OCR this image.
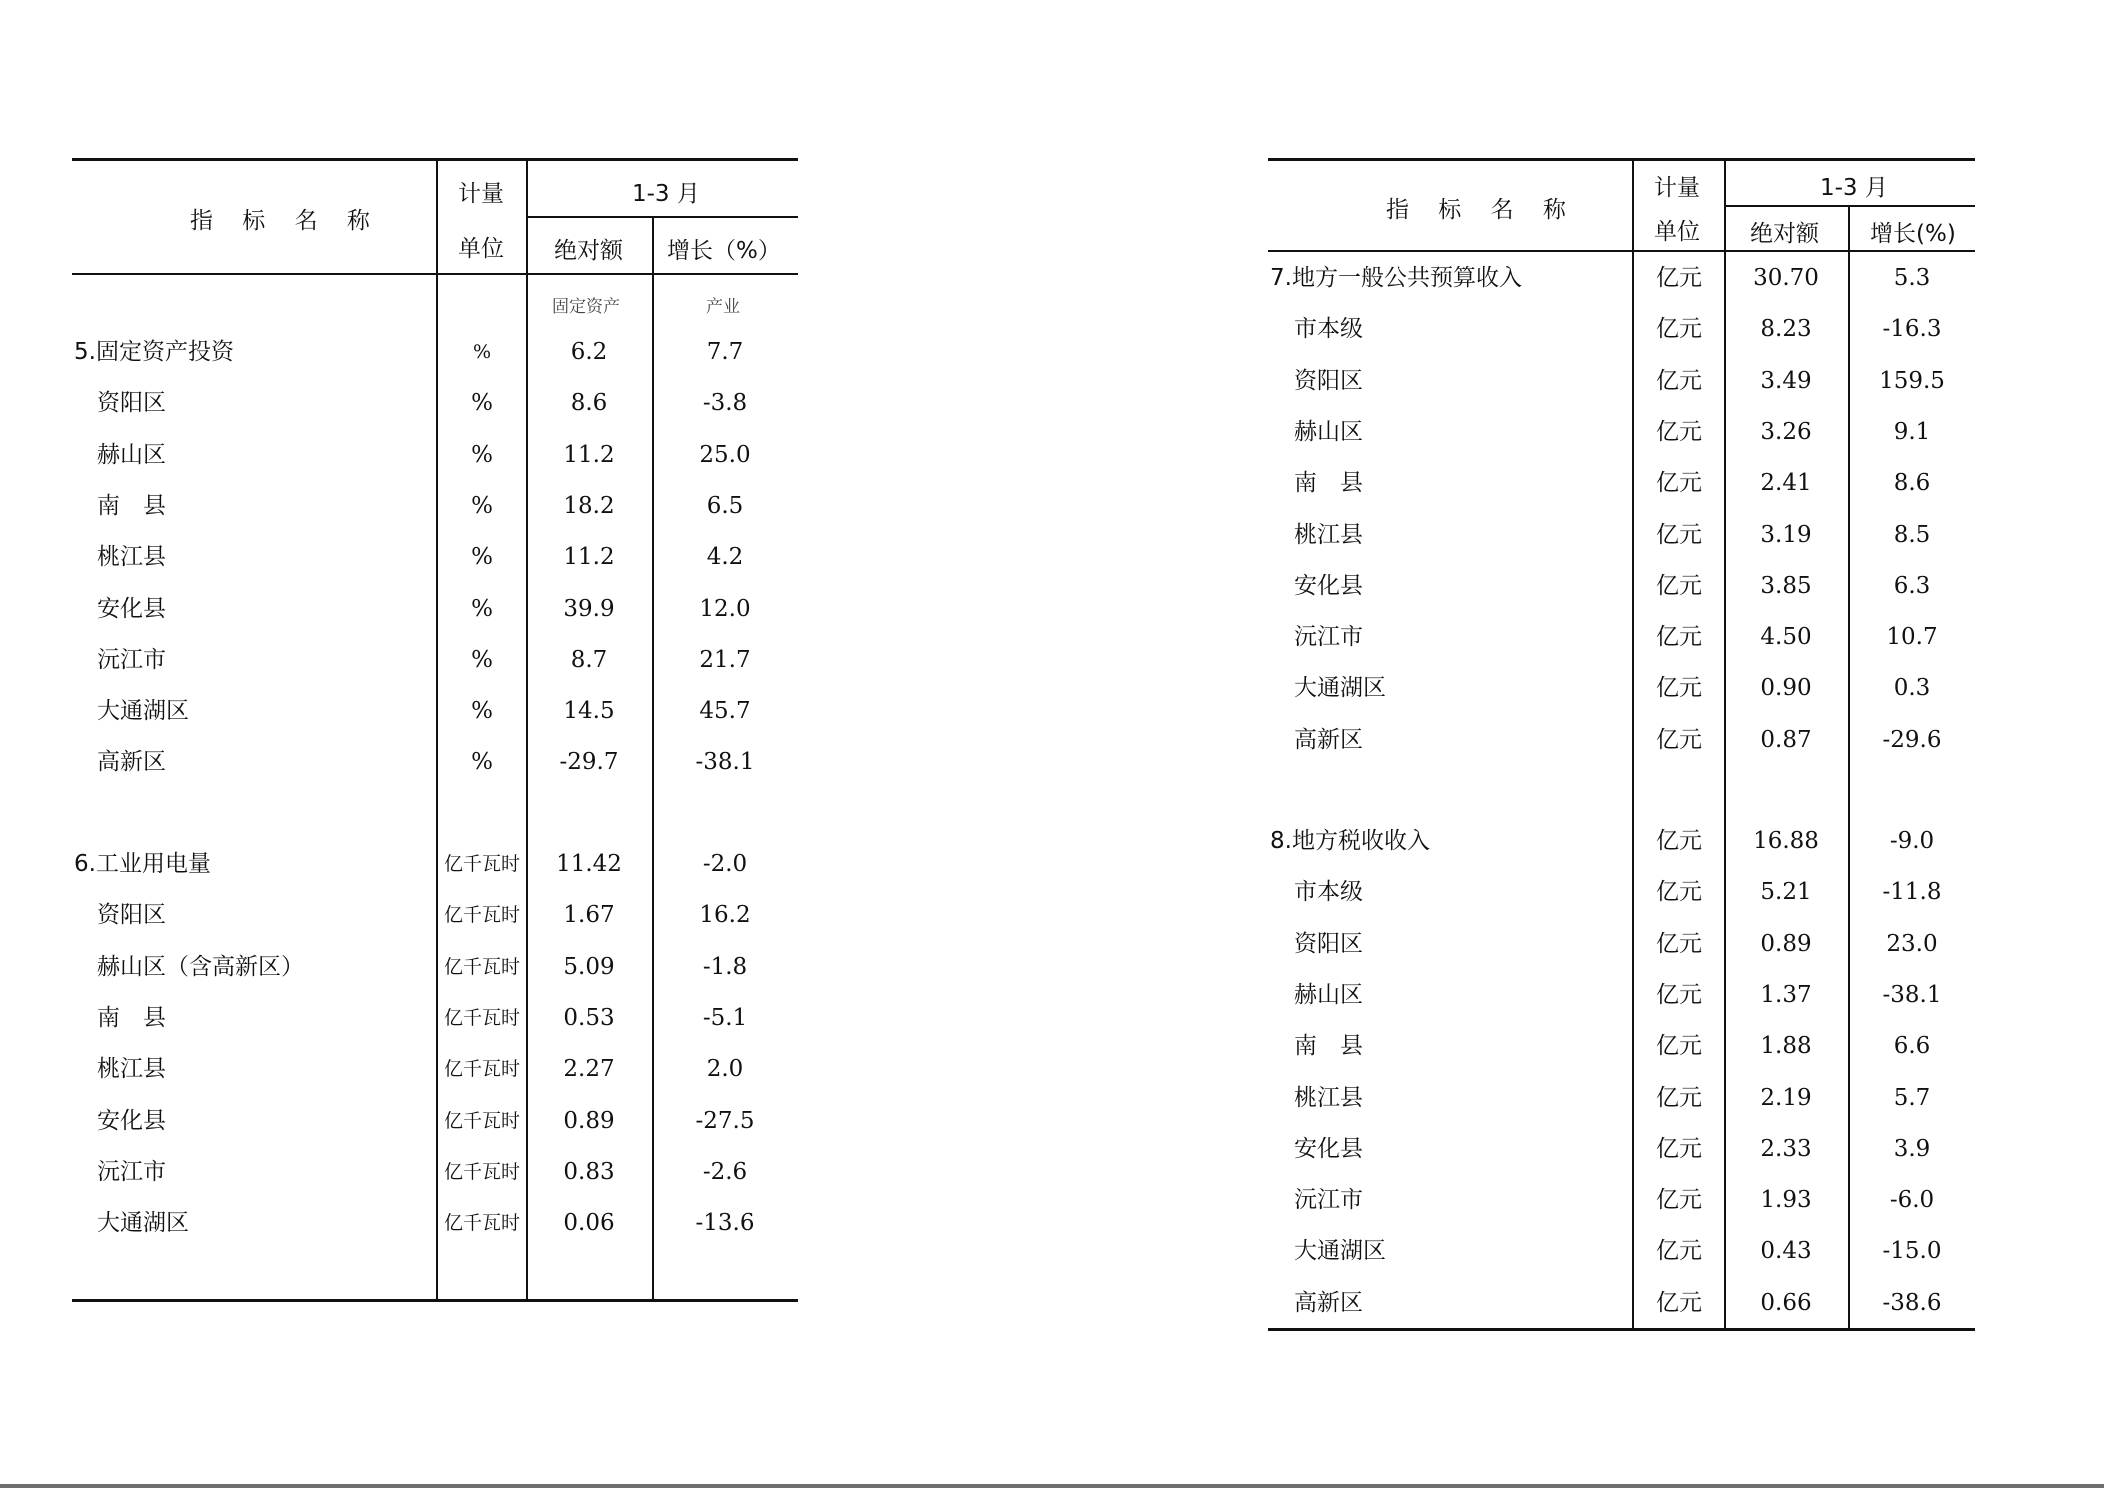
指 标 名 称
计量
单位
1-3 月
绝对额 增长（%）
固定资产	产业
5.固定资产投资	%	6.2	7.7
资阳区	%	8.6	-3.8
赫山区	%	11.2	25.0
南　县	%	18.2	6.5
桃江县	%	11.2	4.2
安化县	%	39.9	12.0
沅江市	%	8.7	21.7
大通湖区	%	14.5	45.7
高新区	%	-29.7	-38.1
6.工业用电量	亿千瓦时 11.42	-2.0
资阳区	亿千瓦时 1.67	16.2
赫山区（含高新区）	亿千瓦时 5.09	-1.8
南　县	亿千瓦时 0.53	-5.1
桃江县	亿千瓦时 2.27	2.0
安化县	亿千瓦时 0.89	-27.5
沅江市	亿千瓦时 0.83	-2.6
大通湖区	亿千瓦时 0.06	-13.6
指 标 名 称
计量
单位
1-3 月
绝对额 增长(%)
7.地方一般公共预算收入	亿元 30.70	5.3
市本级	亿元	8.23	-16.3
资阳区	亿元	3.49	159.5
赫山区	亿元	3.26	9.1
南　县	亿元	2.41	8.6
桃江县	亿元	3.19	8.5
安化县	亿元	3.85	6.3
沅江市	亿元	4.50	10.7
大通湖区	亿元	0.90	0.3
高新区	亿元	0.87	-29.6
8.地方税收收入	亿元 16.88	-9.0
市本级	亿元	5.21	-11.8
资阳区	亿元	0.89	23.0
赫山区	亿元	1.37	-38.1
南　县	亿元	1.88	6.6
桃江县	亿元	2.19	5.7
安化县	亿元	2.33	3.9
沅江市	亿元	1.93	-6.0
大通湖区	亿元	0.43	-15.0
高新区	亿元	0.66	-38.6
